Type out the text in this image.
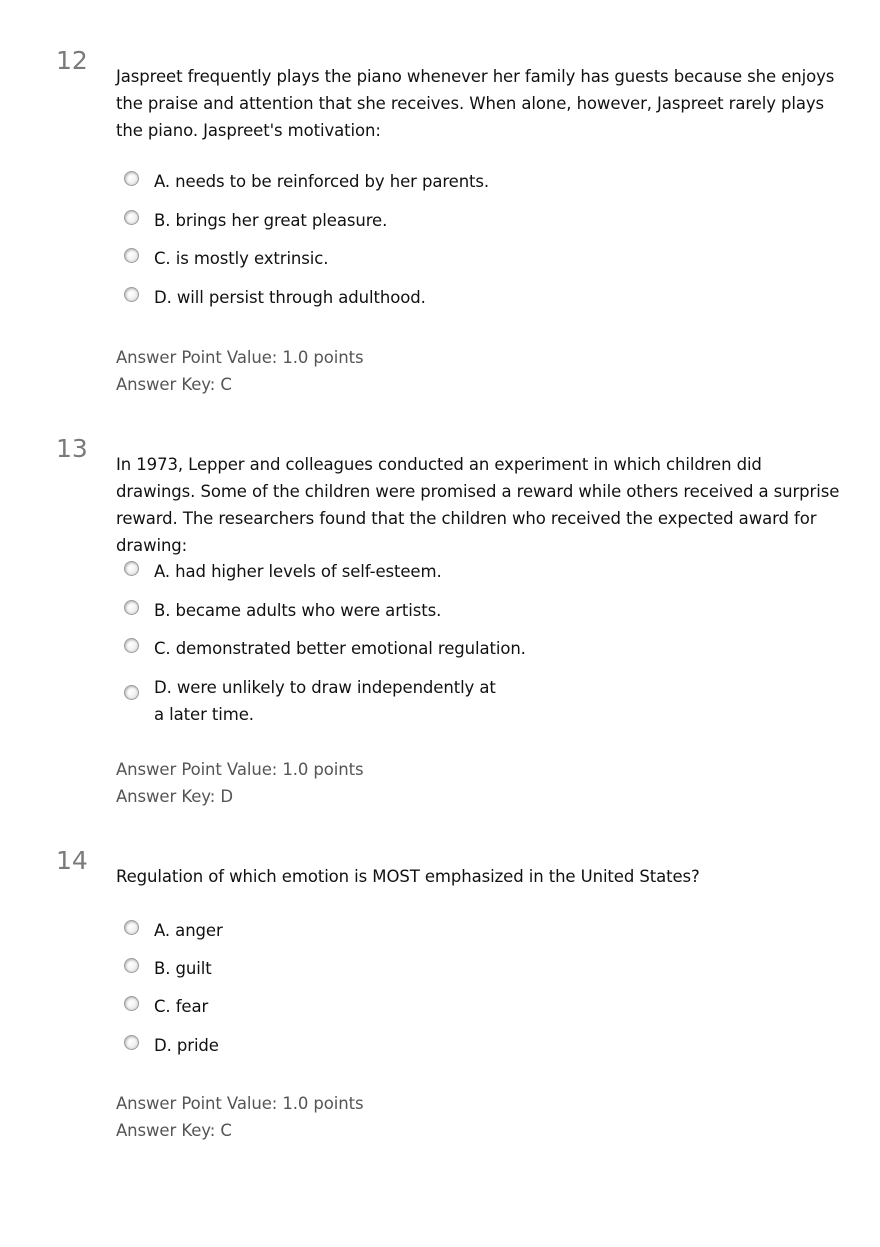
12
Jaspreet frequently plays the piano whenever her family has guests because she enjoys the praise and attention that she receives. When alone, however, Jaspreet rarely plays the piano. Jaspreet's motivation:
A. needs to be reinforced by her parents.
B. brings her great pleasure.
C. is mostly extrinsic.
D. will persist through adulthood.
Answer Point Value: 1.0 points
Answer Key: C
13
In 1973, Lepper and colleagues conducted an experiment in which children did drawings. Some of the children were promised a reward while others received a surprise reward. The researchers found that the children who received the expected award for drawing:
A. had higher levels of self-esteem.
B. became adults who were artists.
C. demonstrated better emotional regulation.
D. were unlikely to draw independently at a later time.
Answer Point Value: 1.0 points
Answer Key: D
14
Regulation of which emotion is MOST emphasized in the United States?
A. anger
B. guilt
C. fear
D. pride
Answer Point Value: 1.0 points
Answer Key: C
